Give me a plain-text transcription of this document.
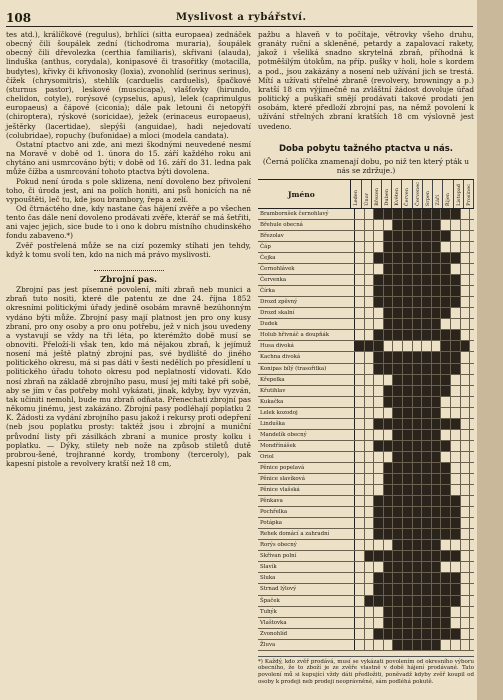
108	Myslivost a rybářství.

tes atd.), králíčkové (regulus), brhlíci (sitta europaea) zednáček obecný čili šoupálek zední (tichodroma muraria), šoupálek obecný čili dřevolezka (certhia familiaris), skřivani (alauda), linduška (anthus, corydala), konipasové či trasořitky (motacilla, budytes), křivky či křivonosky (loxia), zvonohlíd (serinus serinus), čížek (chrysomitris), stehlík (carduelis carduelis), špačkové (sturnus pastor), leskové (muscicapa), vlašťovky (hirundo, chelidon, cotyle), rorýsové (cypselus, apus), lelek (caprimulgus europaeus) a čápové (ciconia); dále pak letouni či netopýři (chiroptera), rýskové (soricidae), ježek (erinaceus europaeus), ještěrky (lacertidae), slepýši (anguidae), hadi nejedovatí (colubridae), ropuchy (bufonidae) a mloci (modela candata).

Ostatní ptactvo ani zde, ani mezi škodnými neuvedené nesmí na Moravě v době od 1. února do 15. září každého roku ani chytáno ani usmrcováno býti; v době od 16. září do 31. ledna pak může čížba a usmrcování tohoto ptactva býti dovolena.

Pokud není úroda s pole sklizena, není dovoleno bez přivolení toho, či úroda jest, ani na polích honiti, ani psů honicích na ně vypouštěti, leč tu, kde jsou brambory, řepa a zelí.

Od čtrnáctého dne, kdy nastane čas hájení zvěře a po všechen tento čas dále není dovoleno prodávati zvěře, kterář se má šetřiti, ani vajec jejich, sice bude to i ono k dobru místního chudinského fondu zabaveno.*)

Zvěř postřelená může se na cizí pozemky stíhati jen tehdy, když k tomu svolí ten, kdo na nich má právo myslivosti.

Zbrojní pas.

Zbrojní pas jest písemné povolení, míti zbraň neb munici a zbraň tuto nositi, které dle patentu ze dne 24. října 1852 okresními politickými úřady jedině osobám mravně bezúhonným vydáno býti může. Zbrojní pasy mají platnost jen pro ony kusy zbraní, pro ony osoby a pro onu potřebu, jež v nich jsou uvedeny a vystavují se vždy na tři léta, po kterémžto době musí se obnoviti. Přeloží-li však ten, kdo má nějakou zbraň, k jejímuž nosení má ještě platný zbrojní pas, své bydliště do jiného politického okresu, má si pas dáti v šesti nedělích po přesídlení u politického úřadu tohoto okresu pod neplatností vidovati. Kdo nosí zbraň na základě zbrojního pasu, musí jej míti také při sobě, aby se jím v čas potřeby mohl vykázati, jinak, kdyby, byv vyzván, tak učiniti nemohl, bude mu zbraň odňata. Přenechati zbrojní pas někomu jinému, jest zakázáno. Zbrojní pasy podléhají poplatku 2 K. Žádosti za vydání zbrojního pasu jakož i rekursy proti odepření (neb jsou poplatku prosty: taktéž jsou i zbrojní a muniční průvodní listy při zásilkách zbraní a munice prosty kolku i poplatku. — Dýky, stilety neb nože na způsob stiletů dutě probrou-šené, trojhranné kordy, trombony (terceroly), pak kapesní pistole a revolvery kratší než 18 cm,

pažbu a hlaveň v to počítaje, větrovky všeho druhu, granáty ruční a skleněné, petardy a zapalovací rakety, jakož i všeliká snadno skrytelná zbraň, příhodná k potměšilým útokům, na příp. pušky v holi, hole s kordem a pod., jsou zakázány a nosení neb užívání jich se trestá. Mítí a užívati střelné zbraně (revolvery, browningy a p.) kratší 18 cm výjimečně na zvláštní žádost dovoluje úřad politický a puškaři smějí prodávati takové prodati jen osobám, které předloží zbrojní pas, na němž povolení k užívání střelných zbraní kratších 18 cm výslovně jest uvedeno.

Doba pobytu tažného ptactva u nás.
(Černá políčka znamenají dobu, po niž ten který pták u nás se zdržuje.)
Jméno	Leden Únor Březen Duben Květen Červen Červenec Srpen Září Říjen Listopad Prosinec
Brambornšek černohlavý
Břehule obecná
Březolav
Čáp
Čejka
Černohlávek
Červenka
Čírka
Drozd zpěvný
Drozd skalní
Dudek
Holub hřivnáč a doupňák
Husa divoká
Kachna divoká
Konipas bílý (trasořitka)
Křepelka
Křutihlav
Kukačka
Lelek kozodoj
Linduška
Mandelík obecný
Mondřínášek
Oriol
Pěnice popelavá
Pěnice slavíková
Pěnice vlašská
Pěnkava
Pochřelka
Potápka
Rehek domácí a zahradní
Rorýs obecný
Skřivan polní
Slavík
Sluka
Strnad lýlový
Špaček
Tuhýk
Vlaštovka
Zvonohlíd
Žluva
*) Každý, kdo zvěř prodává, musí se vykázati povolením od okresního výboru obecního, že to zboží je ze zvěře vlastně v době hájení prodávané. Tato povolení mů si kupující vždy dáti předložiti, poněvadž kdyby zvěř koupil od osoby k prodeji neb prodeji neoprávněné, sám podléhá pokutě.
